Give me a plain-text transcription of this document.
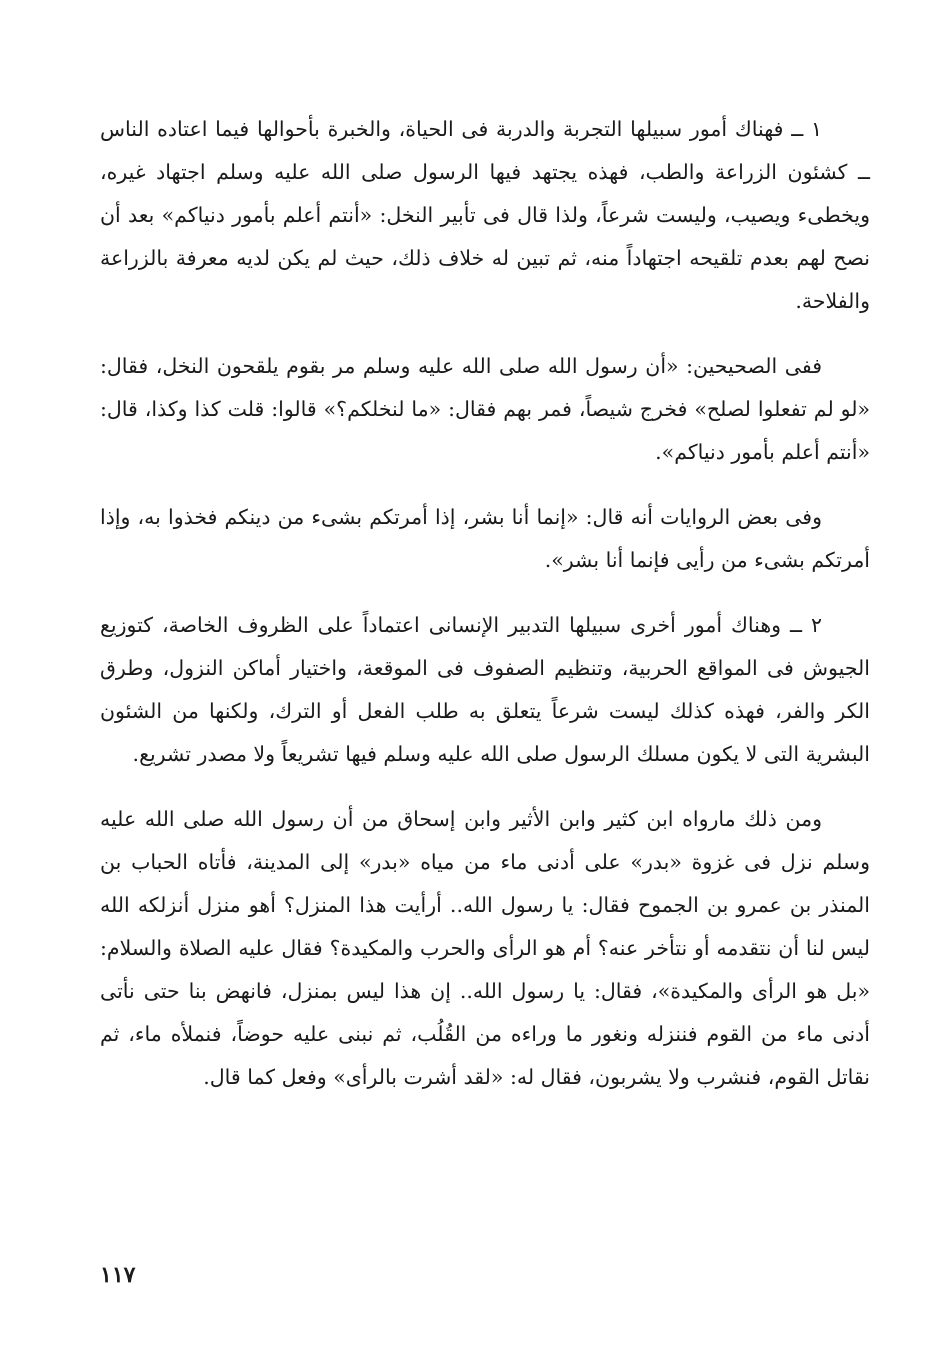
١ ــ فهناك أمور سبيلها التجربة والدربة فى الحياة، والخبرة بأحوالها فيما اعتاده الناس ــ كشئون الزراعة والطب، فهذه يجتهد فيها الرسول صلى الله عليه وسلم اجتهاد غيره، ويخطىء ويصيب، وليست شرعاً، ولذا قال فى تأبير النخل: «أنتم أعلم بأمور دنياكم» بعد أن نصح لهم بعدم تلقيحه اجتهاداً منه، ثم تبين له خلاف ذلك، حيث لم يكن لديه معرفة بالزراعة والفلاحة.

ففى الصحيحين: «أن رسول الله صلى الله عليه وسلم مر بقوم يلقحون النخل، فقال: «لو لم تفعلوا لصلح» فخرج شيصاً، فمر بهم فقال: «ما لنخلكم؟» قالوا: قلت كذا وكذا، قال: «أنتم أعلم بأمور دنياكم».

وفى بعض الروايات أنه قال: «إنما أنا بشر، إذا أمرتكم بشىء من دينكم فخذوا به، وإذا أمرتكم بشىء من رأيى فإنما أنا بشر».

٢ ــ وهناك أمور أخرى سبيلها التدبير الإنسانى اعتماداً على الظروف الخاصة، كتوزيع الجيوش فى المواقع الحربية، وتنظيم الصفوف فى الموقعة، واختيار أماكن النزول، وطرق الكر والفر، فهذه كذلك ليست شرعاً يتعلق به طلب الفعل أو الترك، ولكنها من الشئون البشرية التى لا يكون مسلك الرسول صلى الله عليه وسلم فيها تشريعاً ولا مصدر تشريع.

ومن ذلك مارواه ابن كثير وابن الأثير وابن إسحاق من أن رسول الله صلى الله عليه وسلم نزل فى غزوة «بدر» على أدنى ماء من مياه «بدر» إلى المدينة، فأتاه الحباب بن المنذر بن عمرو بن الجموح فقال: يا رسول الله.. أرأيت هذا المنزل؟ أهو منزل أنزلكه الله ليس لنا أن نتقدمه أو نتأخر عنه؟ أم هو الرأى والحرب والمكيدة؟ فقال عليه الصلاة والسلام: «بل هو الرأى والمكيدة»، فقال: يا رسول الله.. إن هذا ليس بمنزل، فانهض بنا حتى نأتى أدنى ماء من القوم فننزله ونغور ما وراءه من القُلُب، ثم نبنى عليه حوضاً، فنملأه ماء، ثم نقاتل القوم، فنشرب ولا يشربون، فقال له: «لقد أشرت بالرأى» وفعل كما قال.

١١٧
